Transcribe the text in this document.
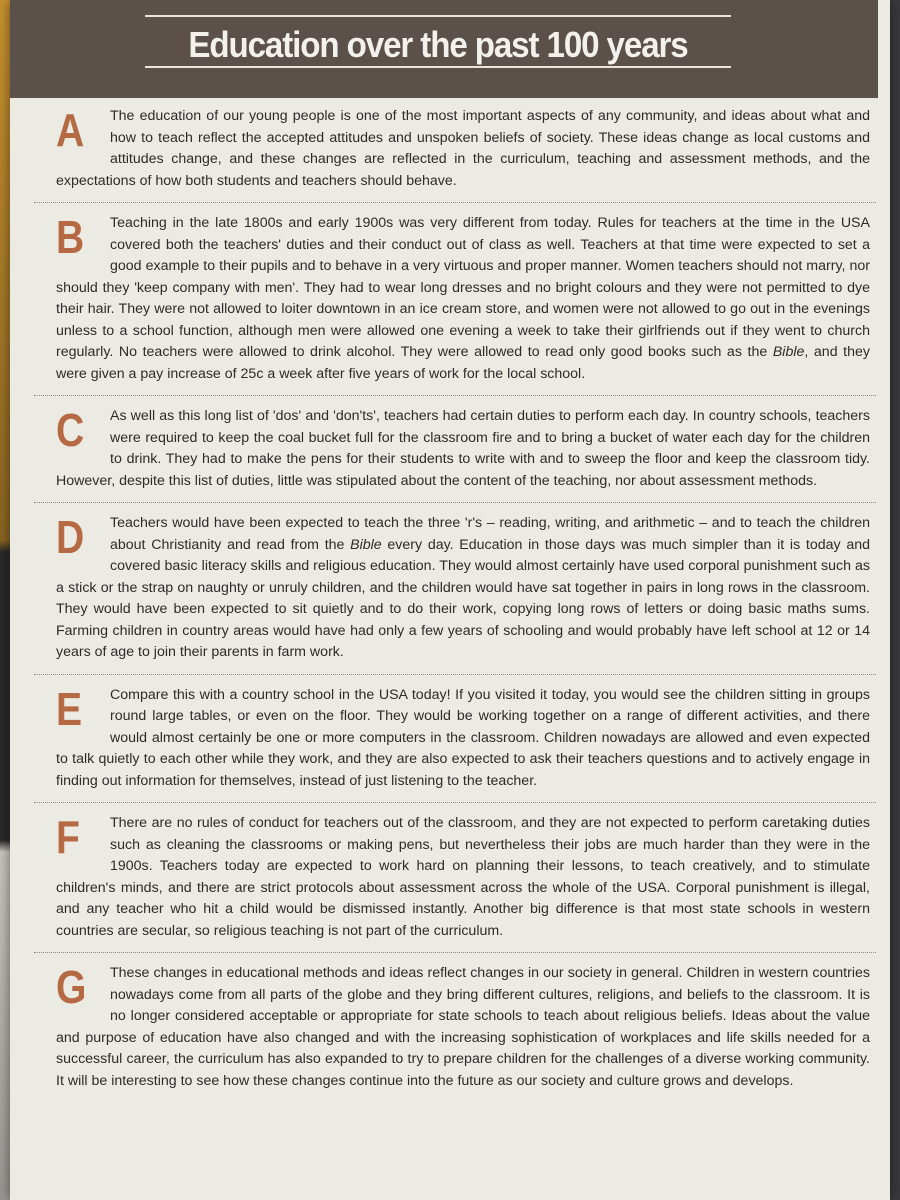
Education over the past 100 years
A	The education of our young people is one of the most important aspects of any community, and ideas about what and how to teach reflect the accepted attitudes and unspoken beliefs of society. These ideas change as local customs and attitudes change, and these changes are reflected in the curriculum, teaching and assessment methods, and the expectations of how both students and teachers should behave.
B	Teaching in the late 1800s and early 1900s was very different from today. Rules for teachers at the time in the USA covered both the teachers' duties and their conduct out of class as well. Teachers at that time were expected to set a good example to their pupils and to behave in a very virtuous and proper manner. Women teachers should not marry, nor should they 'keep company with men'. They had to wear long dresses and no bright colours and they were not permitted to dye their hair. They were not allowed to loiter downtown in an ice cream store, and women were not allowed to go out in the evenings unless to a school function, although men were allowed one evening a week to take their girlfriends out if they went to church regularly. No teachers were allowed to drink alcohol. They were allowed to read only good books such as the Bible, and they were given a pay increase of 25c a week after five years of work for the local school.
C	As well as this long list of 'dos' and 'don'ts', teachers had certain duties to perform each day. In country schools, teachers were required to keep the coal bucket full for the classroom fire and to bring a bucket of water each day for the children to drink. They had to make the pens for their students to write with and to sweep the floor and keep the classroom tidy. However, despite this list of duties, little was stipulated about the content of the teaching, nor about assessment methods.
D	Teachers would have been expected to teach the three 'r's – reading, writing, and arithmetic – and to teach the children about Christianity and read from the Bible every day. Education in those days was much simpler than it is today and covered basic literacy skills and religious education. They would almost certainly have used corporal punishment such as a stick or the strap on naughty or unruly children, and the children would have sat together in pairs in long rows in the classroom. They would have been expected to sit quietly and to do their work, copying long rows of letters or doing basic maths sums. Farming children in country areas would have had only a few years of schooling and would probably have left school at 12 or 14 years of age to join their parents in farm work.
E	Compare this with a country school in the USA today! If you visited it today, you would see the children sitting in groups round large tables, or even on the floor. They would be working together on a range of different activities, and there would almost certainly be one or more computers in the classroom. Children nowadays are allowed and even expected to talk quietly to each other while they work, and they are also expected to ask their teachers questions and to actively engage in finding out information for themselves, instead of just listening to the teacher.
F	There are no rules of conduct for teachers out of the classroom, and they are not expected to perform caretaking duties such as cleaning the classrooms or making pens, but nevertheless their jobs are much harder than they were in the 1900s. Teachers today are expected to work hard on planning their lessons, to teach creatively, and to stimulate children's minds, and there are strict protocols about assessment across the whole of the USA. Corporal punishment is illegal, and any teacher who hit a child would be dismissed instantly. Another big difference is that most state schools in western countries are secular, so religious teaching is not part of the curriculum.
G	These changes in educational methods and ideas reflect changes in our society in general. Children in western countries nowadays come from all parts of the globe and they bring different cultures, religions, and beliefs to the classroom. It is no longer considered acceptable or appropriate for state schools to teach about religious beliefs. Ideas about the value and purpose of education have also changed and with the increasing sophistication of workplaces and life skills needed for a successful career, the curriculum has also expanded to try to prepare children for the challenges of a diverse working community. It will be interesting to see how these changes continue into the future as our society and culture grows and develops.
